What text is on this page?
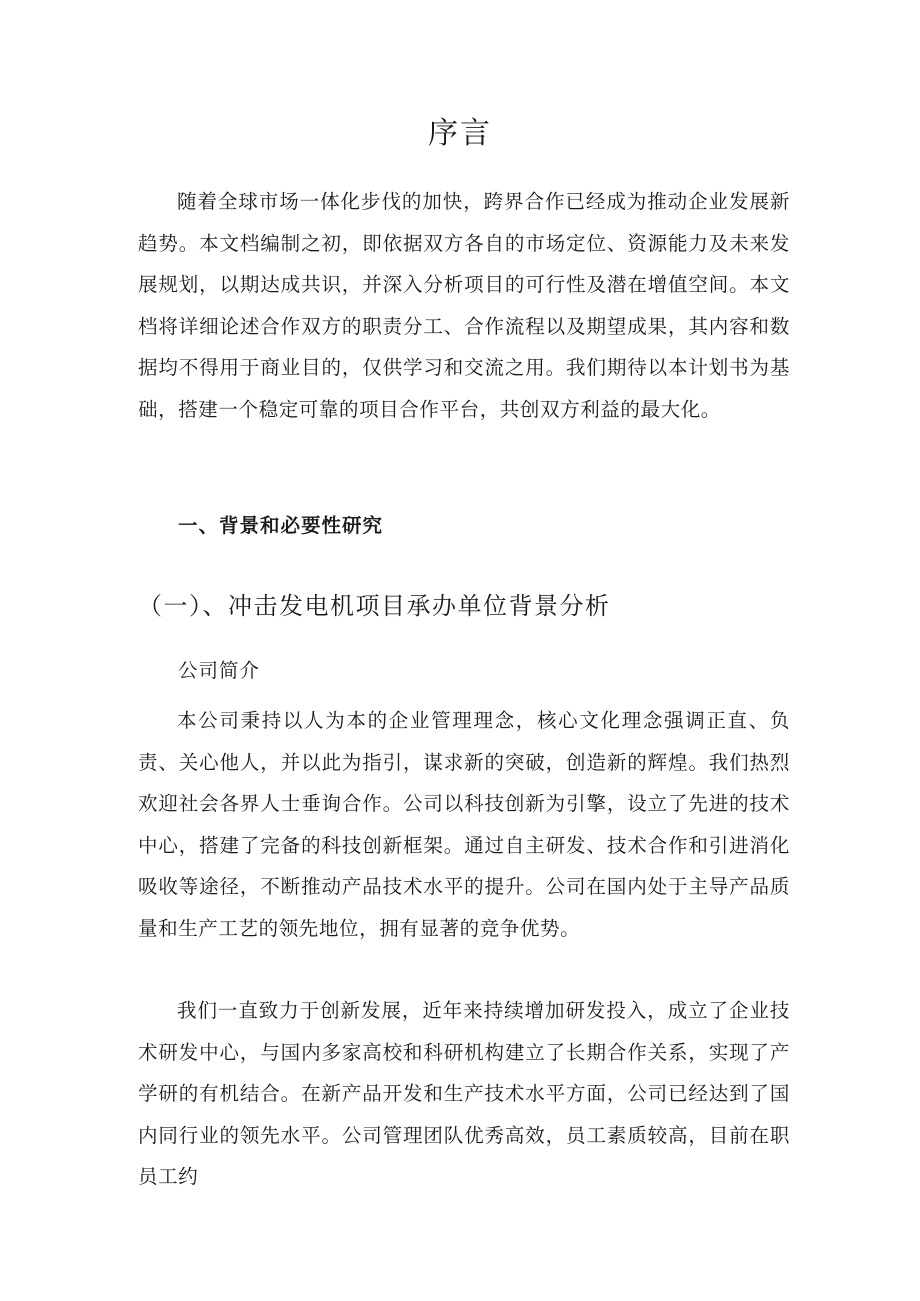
序言

随着全球市场一体化步伐的加快，跨界合作已经成为推动企业发展新趋势。本文档编制之初，即依据双方各自的市场定位、资源能力及未来发展规划，以期达成共识，并深入分析项目的可行性及潜在增值空间。本文档将详细论述合作双方的职责分工、合作流程以及期望成果，其内容和数据均不得用于商业目的，仅供学习和交流之用。我们期待以本计划书为基础，搭建一个稳定可靠的项目合作平台，共创双方利益的最大化。

一、背景和必要性研究
（一）、冲击发电机项目承办单位背景分析
公司简介

本公司秉持以人为本的企业管理理念，核心文化理念强调正直、负责、关心他人，并以此为指引，谋求新的突破，创造新的辉煌。我们热烈欢迎社会各界人士垂询合作。公司以科技创新为引擎，设立了先进的技术中心，搭建了完备的科技创新框架。通过自主研发、技术合作和引进消化吸收等途径，不断推动产品技术水平的提升。公司在国内处于主导产品质量和生产工艺的领先地位，拥有显著的竞争优势。

我们一直致力于创新发展，近年来持续增加研发投入，成立了企业技术研发中心，与国内多家高校和科研机构建立了长期合作关系，实现了产学研的有机结合。在新产品开发和生产技术水平方面，公司已经达到了国内同行业的领先水平。公司管理团队优秀高效，员工素质较高，目前在职员工约
